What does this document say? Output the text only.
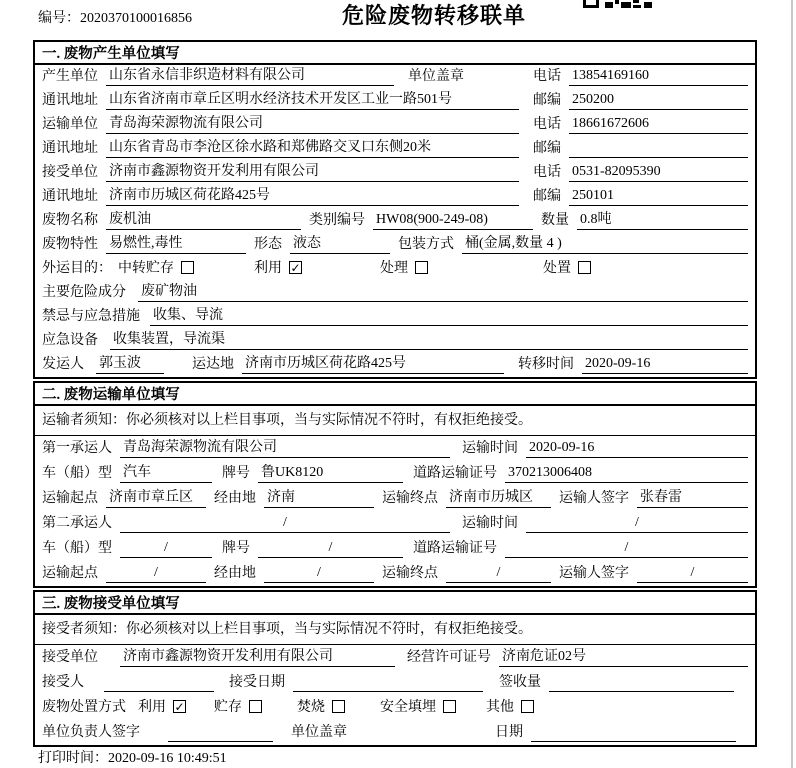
编号：2020370100016856	危险废物转移联单
一. 废物产生单位填写
产生单位 山东省永信非织造材料有限公司	单位盖章	电话 13854169160
通讯地址 山东省济南市章丘区明水经济技术开发区工业一路501号	邮编 250200
运输单位 青岛海荣源物流有限公司	电话 18661672606
通讯地址 山东省青岛市李沧区徐水路和郑佛路交叉口东侧20米	邮编
接受单位 济南市鑫源物资开发利用有限公司	电话 0531-82095390
通讯地址 济南市历城区荷花路425号	邮编 250101
废物名称 废机油	类别编号 HW08(900-249-08)	数量 0.8吨
废物特性 易燃性,毒性	形态 液态	包装方式 桶(金属,数量 4 )
外运目的： 中转贮存	利用 ✓	处理	处置
主要危险成分 废矿物油
禁忌与应急措施 收集、导流
应急设备 收集装置，导流渠
发运人 郭玉波	运达地 济南市历城区荷花路425号	转移时间 2020-09-16
二. 废物运输单位填写
运输者须知：你必须核对以上栏目事项，当与实际情况不符时，有权拒绝接受。
第一承运人 青岛海荣源物流有限公司	运输时间 2020-09-16
车（船）型 汽车	牌号 鲁UK8120	道路运输证号 370213006408
运输起点 济南市章丘区	经由地 济南	运输终点 济南市历城区	运输人签字 张春雷
第二承运人	/	运输时间	/
车（船）型	/	牌号	/	道路运输证号	/
运输起点	/	经由地	/	运输终点	/	运输人签字	/
三. 废物接受单位填写
接受者须知：你必须核对以上栏目事项，当与实际情况不符时，有权拒绝接受。
接受单位 济南市鑫源物资开发利用有限公司	经营许可证号 济南危证02号
接受人	接受日期	签收量
废物处置方式 利用 ✓ 贮存	焚烧	安全填埋	其他
单位负责人签字	单位盖章	日期
打印时间：2020-09-16 10:49:51
